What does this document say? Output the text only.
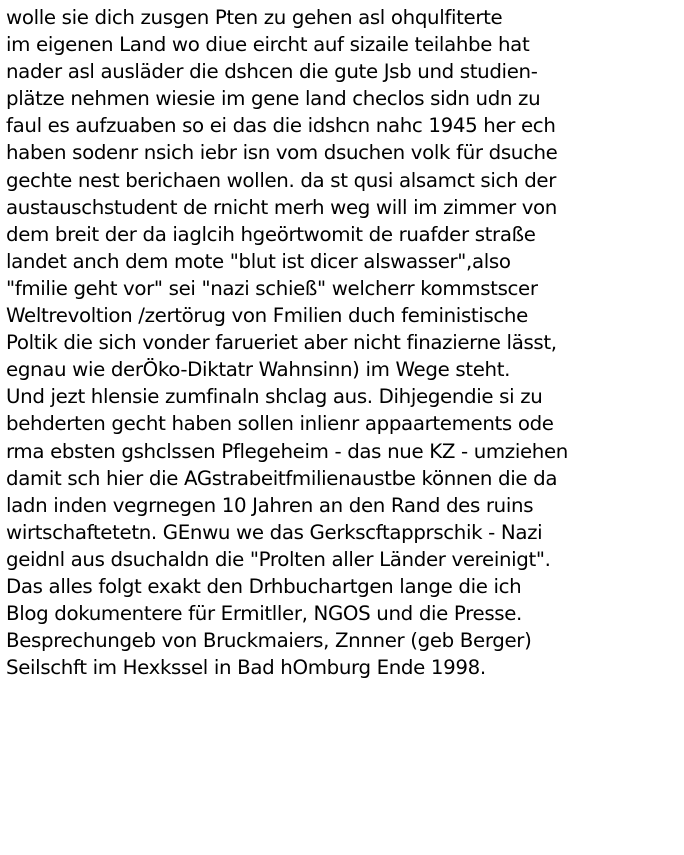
wolle sie dich zusgen Pten zu gehen asl ohqulfiterte
im eigenen Land wo diue eircht auf sizaile teilahbe hat
nader asl ausläder die dshcen die gute Jsb und studien-
plätze nehmen wiesie im gene land checlos sidn udn zu
faul es aufzuaben so ei das die idshcn nahc 1945 her ech
haben sodenr nsich iebr isn vom dsuchen volk für dsuche
gechte nest berichaen wollen. da st qusi alsamct sich der
austauschstudent de rnicht merh weg will im zimmer von
dem breit der da iaglcih hgeörtwomit de ruafder straße
landet anch dem mote "blut ist dicer alswasser",also
"fmilie geht vor" sei "nazi schieß" welcherr kommstscer
Weltrevoltion /zertörug von Fmilien duch feministische
Poltik die sich vonder farueriet aber nicht finazierne lässt,
egnau wie derÖko-Diktatr Wahnsinn) im Wege steht.
Und jezt hlensie zumfinaln shclag aus. Dihjegendie si zu
behderten gecht haben sollen inlienr appaartements ode
rma ebsten gshclssen Pflegeheim - das nue KZ - umziehen
damit sch hier die AGstrabeitfmilienaustbe können die da
ladn inden vegrnegen 10 Jahren an den Rand des ruins
wirtschaftetetn. GEnwu we das Gerkscftapprschik - Nazi
geidnl aus dsuchaldn die "Prolten aller Länder vereinigt".
Das alles folgt exakt den Drhbuchartgen lange die ich
Blog dokumentere für Ermitller, NGOS und die Presse.
Besprechungeb von Bruckmaiers, Znnner (geb Berger)
Seilschft im Hexkssel in Bad hOmburg Ende 1998.
